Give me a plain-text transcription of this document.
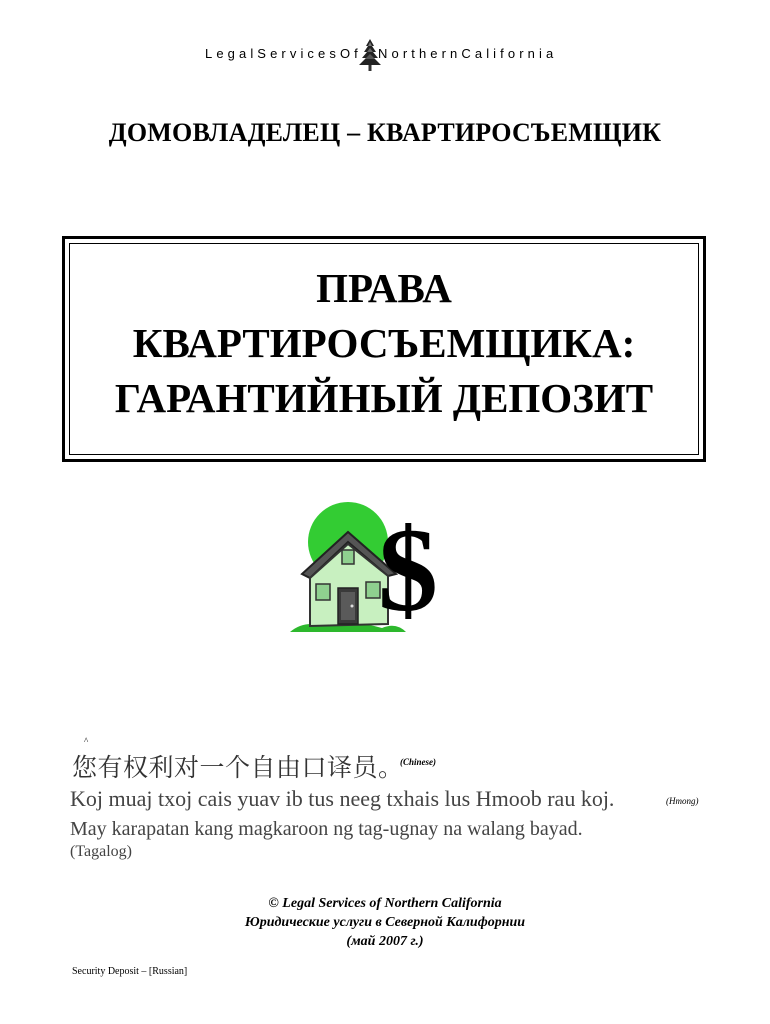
LegalServicesOf NorthernCalifornia
ДОМОВЛАДЕЛЕЦ – КВАРТИРОСЪЕМЩИК
ПРАВА
КВАРТИРОСЪЕМЩИКА:
ГАРАНТИЙНЫЙ ДЕПОЗИТ
$
^
您有权利对一个自由口译员。
(Chinese)
Koj muaj txoj cais yuav ib tus neeg txhais lus Hmoob rau koj.	(Hmong)
May karapatan kang magkaroon ng tag-ugnay na walang bayad.
(Tagalog)
© Legal Services of Northern California
Юридические услуги в Северной Калифорнии
(май 2007 г.)
Security Deposit – [Russian]
